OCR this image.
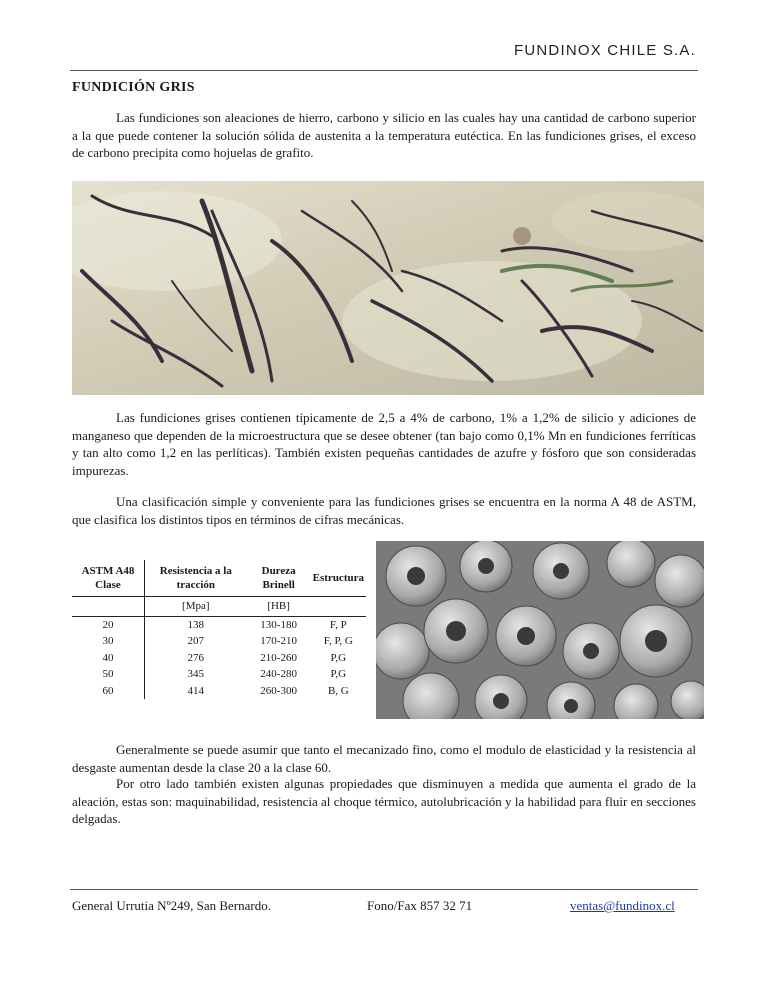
FUNDINOX CHILE S.A.
FUNDICIÓN GRIS

Las fundiciones son aleaciones de hierro, carbono y silicio en las cuales hay una cantidad de carbono superior a la que puede contener la solución sólida de austenita a la temperatura eutéctica. En las fundiciones grises, el exceso de carbono precipita como hojuelas de grafito.

Las fundiciones grises contienen típicamente de 2,5 a 4% de carbono, 1% a 1,2% de silicio y adiciones de manganeso que dependen de la microestructura que se desee obtener (tan bajo como 0,1% Mn en fundiciones ferríticas y tan alto como 1,2 en las perlíticas). También existen pequeñas cantidades de azufre y fósforo que son consideradas impurezas.

Una clasificación simple y conveniente para las fundiciones grises se encuentra en la norma A 48 de ASTM, que clasifica los distintos tipos en términos de cifras mecánicas.

ASTM A48 Clase	Resistencia a la tracción	Dureza Brinell	Estructura
	[Mpa]	[HB]	
20	138	130-180	F, P
30	207	170-210	F, P, G
40	276	210-260	P,G
50	345	240-280	P,G
60	414	260-300	B, G

Generalmente se puede asumir que tanto el mecanizado fino, como el modulo de elasticidad y la resistencia al desgaste aumentan desde la clase 20 a la clase 60.

Por otro lado también existen algunas propiedades que disminuyen a medida que aumenta el grado de la aleación, estas son: maquinabilidad, resistencia al choque térmico, autolubricación y la habilidad para fluir en secciones delgadas.

General Urrutia Nº249, San Bernardo.	Fono/Fax 857 32 71	ventas@fundinox.cl
